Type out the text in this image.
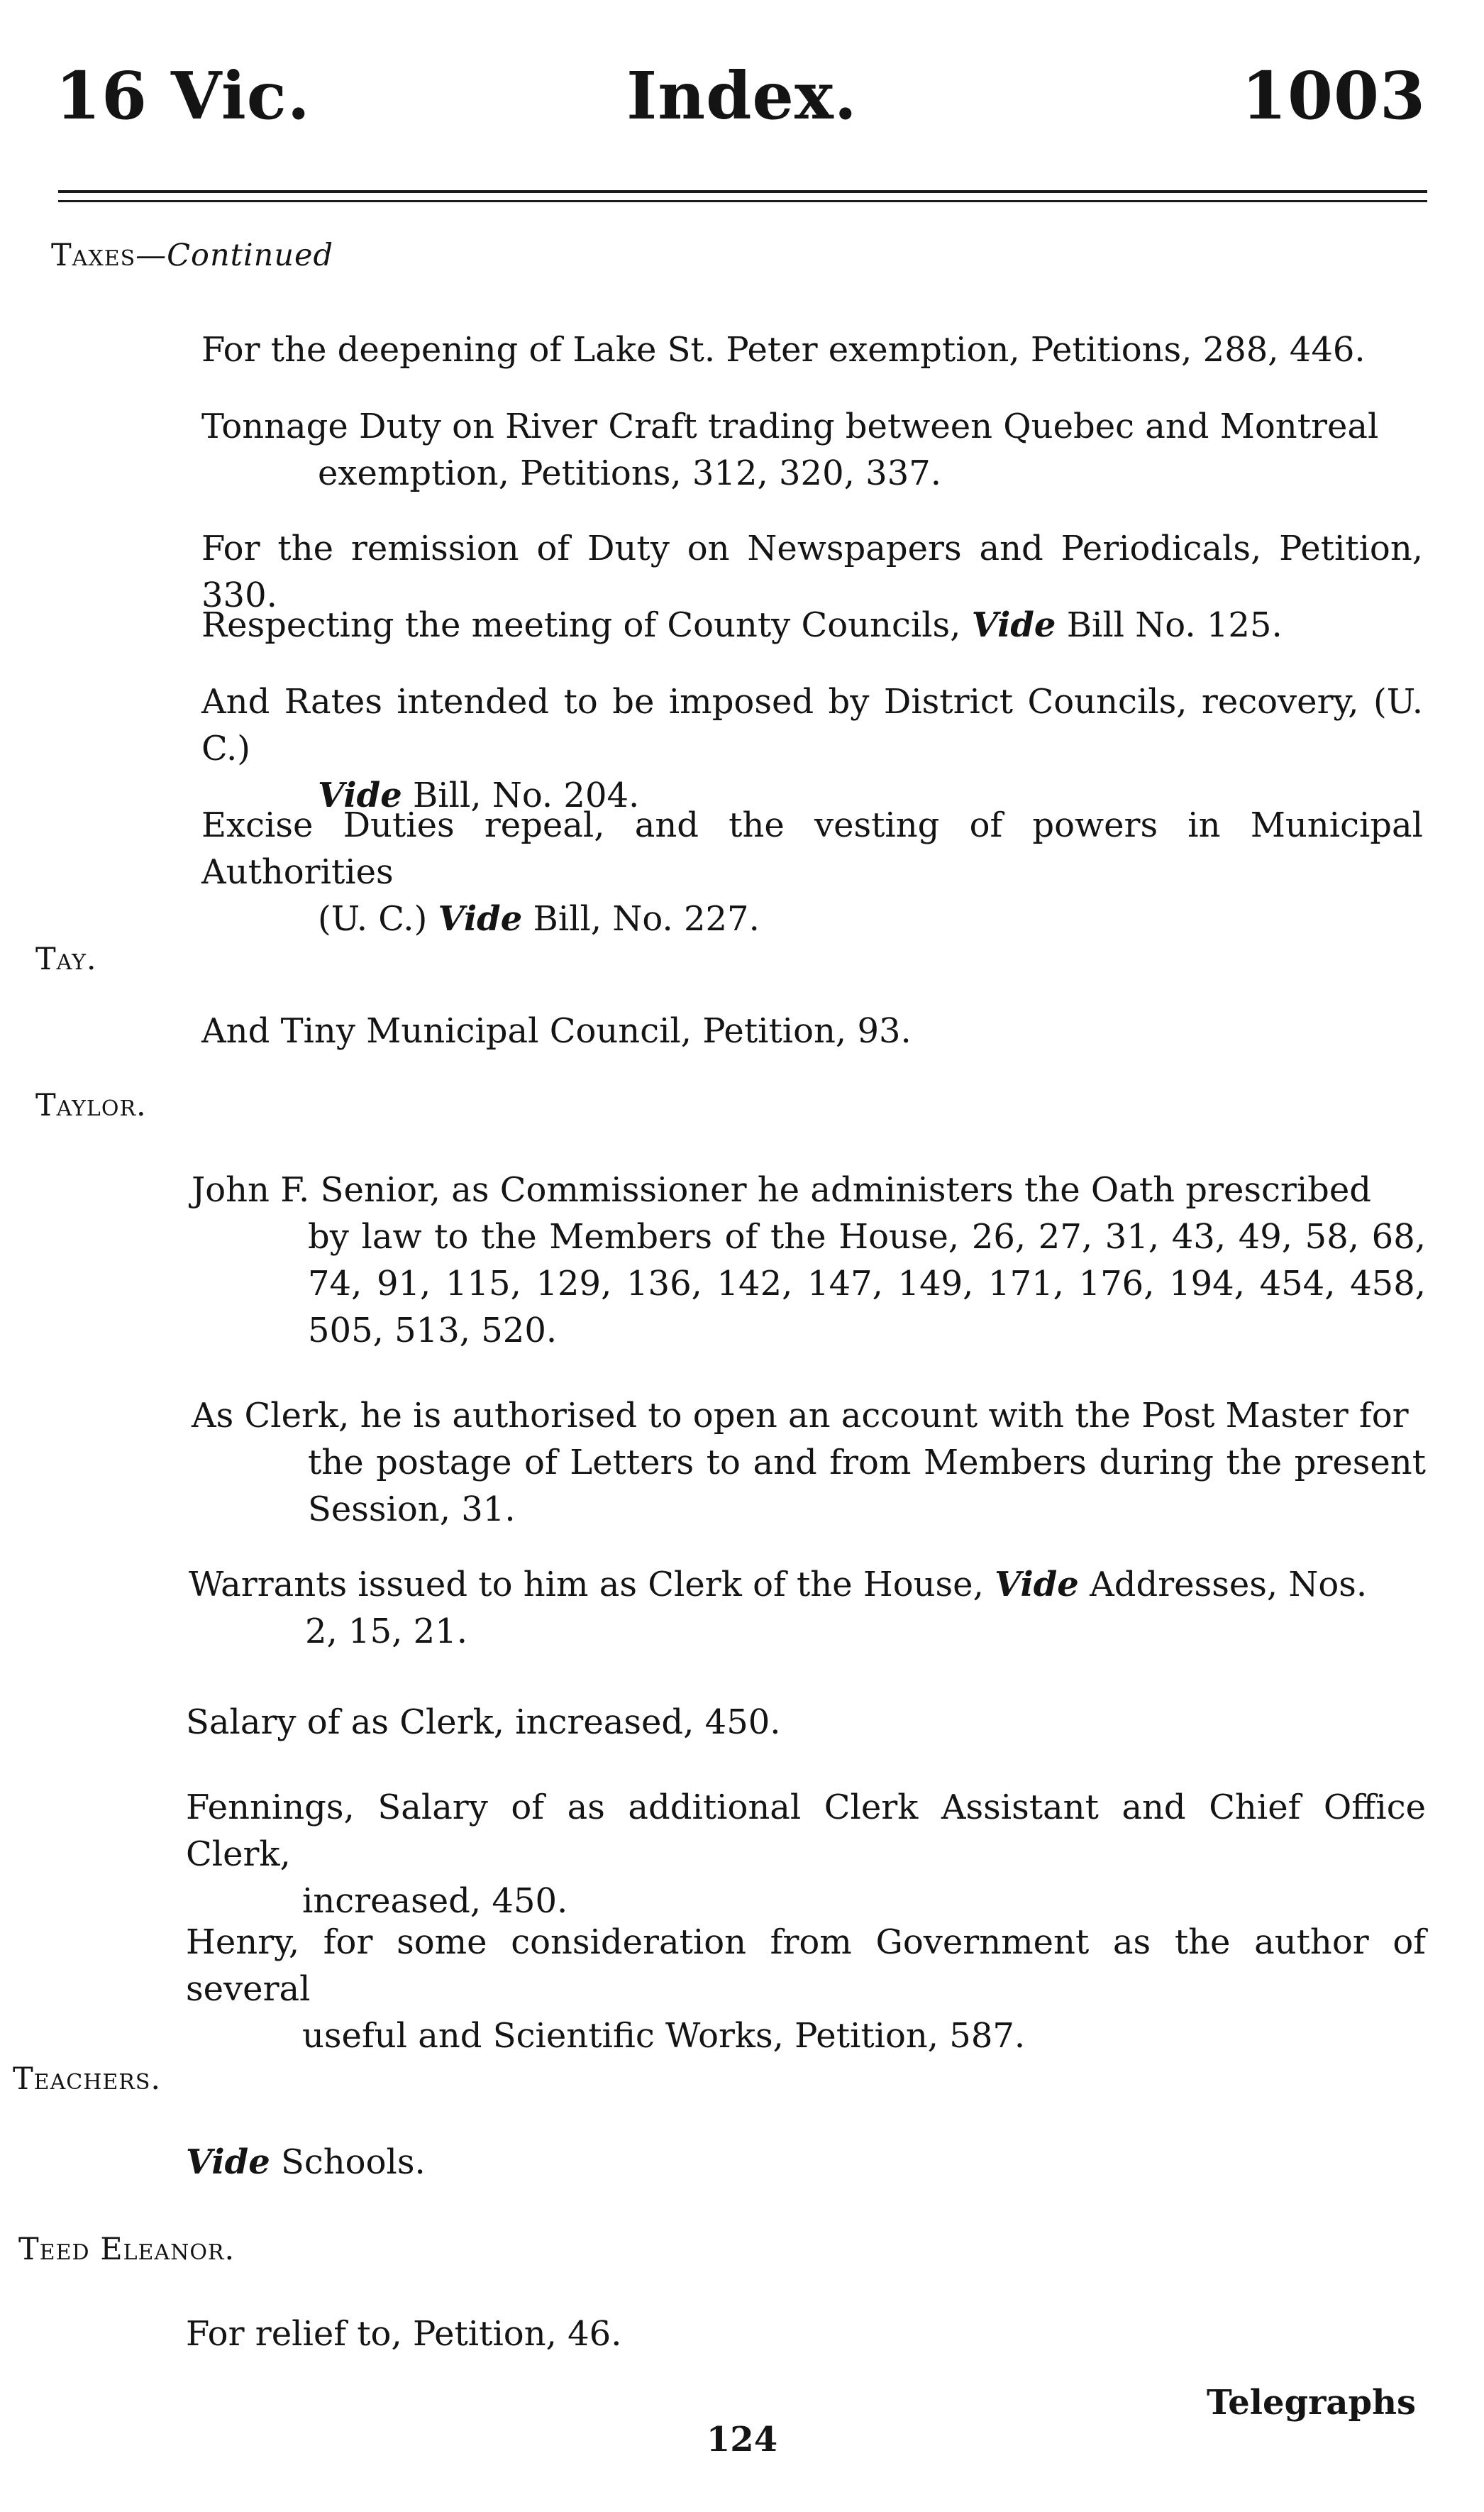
16 Vic.	Index.	1003
Taxes—Continued
For the deepening of Lake St. Peter exemption, Petitions, 288, 446.
Tonnage Duty on River Craft trading between Quebec and Montreal
exemption, Petitions, 312, 320, 337.
For the remission of Duty on Newspapers and Periodicals, Petition, 330.
Respecting the meeting of County Councils, Vide Bill No. 125.
And Rates intended to be imposed by District Councils, recovery, (U. C.)
Vide Bill, No. 204.
Excise Duties repeal, and the vesting of powers in Municipal Authorities
(U. C.) Vide Bill, No. 227.
Tay.
And Tiny Municipal Council, Petition, 93.
Taylor.
John F. Senior, as Commissioner he administers the Oath prescribed
by law to the Members of the House, 26, 27, 31, 43, 49, 58, 68, 74, 91, 115, 129, 136, 142, 147, 149, 171, 176, 194, 454, 458, 505, 513, 520.
As Clerk, he is authorised to open an account with the Post Master for
the postage of Letters to and from Members during the present Session, 31.
Warrants issued to him as Clerk of the House, Vide Addresses, Nos.
2, 15, 21.
Salary of as Clerk, increased, 450.
Fennings, Salary of as additional Clerk Assistant and Chief Office Clerk,
increased, 450.
Henry, for some consideration from Government as the author of several
useful and Scientific Works, Petition, 587.
Teachers.
Vide Schools.
Teed Eleanor.
For relief to, Petition, 46.
Telegraphs
124
